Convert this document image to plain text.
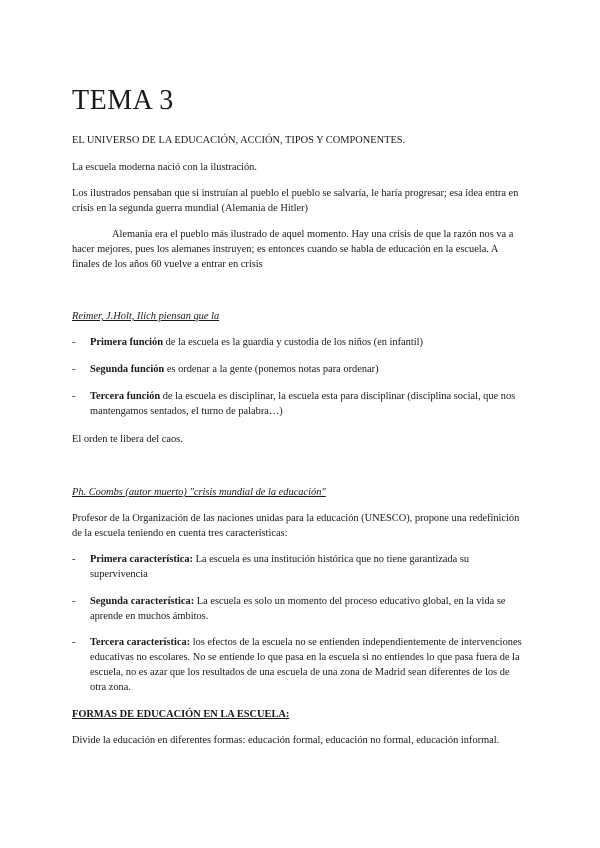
TEMA 3

EL UNIVERSO DE LA EDUCACIÓN, ACCIÓN, TIPOS Y COMPONENTES.

La escuela moderna nació con la ilustración.

Los ilustrados pensaban que si instruían al pueblo el pueblo se salvaría, le haría progresar; esa idea entra en crisis en la segunda guerra mundial (Alemania de Hitler)

Alemania era el pueblo más ilustrado de aquel momento. Hay una crisis de que la razón nos va a hacer mejores, pues los alemanes instruyen; es entonces cuando se habla de educación en la escuela. A finales de los años 60 vuelve a entrar en crisis

Reimer, J.Holt, Ilich piensan que la

-	Primera función de la escuela es la guardia y custodia de los niños (en infantil)
-	Segunda función es ordenar a la gente (ponemos notas para ordenar)
-	Tercera función de la escuela es disciplinar, la escuela esta para disciplinar (disciplina social, que nos mantengamos sentados, el turno de palabra…)

El orden te libera del caos.

Ph. Coombs (autor muerto) "crisis mundial de la educación"

Profesor de la Organización de las naciones unidas para la educación (UNESCO), propone una redefinición de la escuela teniendo en cuenta tres características:

-	Primera característica: La escuela es una institución histórica que no tiene garantizada su supervivencia
-	Segunda característica: La escuela es solo un momento del proceso educativo global, en la vida se aprende en muchos ámbitos.
-	Tercera característica: los efectos de la escuela no se entienden independientemente de intervenciones educativas no escolares. No se entiende lo que pasa en la escuela si no entiendes lo que pasa fuera de la escuela, no es azar que los resultados de una escuela de una zona de Madrid sean diferentes de los de otra zona.

FORMAS DE EDUCACIÓN EN LA ESCUELA:

Divide la educación en diferentes formas: educación formal, educación no formal, educación informal.
